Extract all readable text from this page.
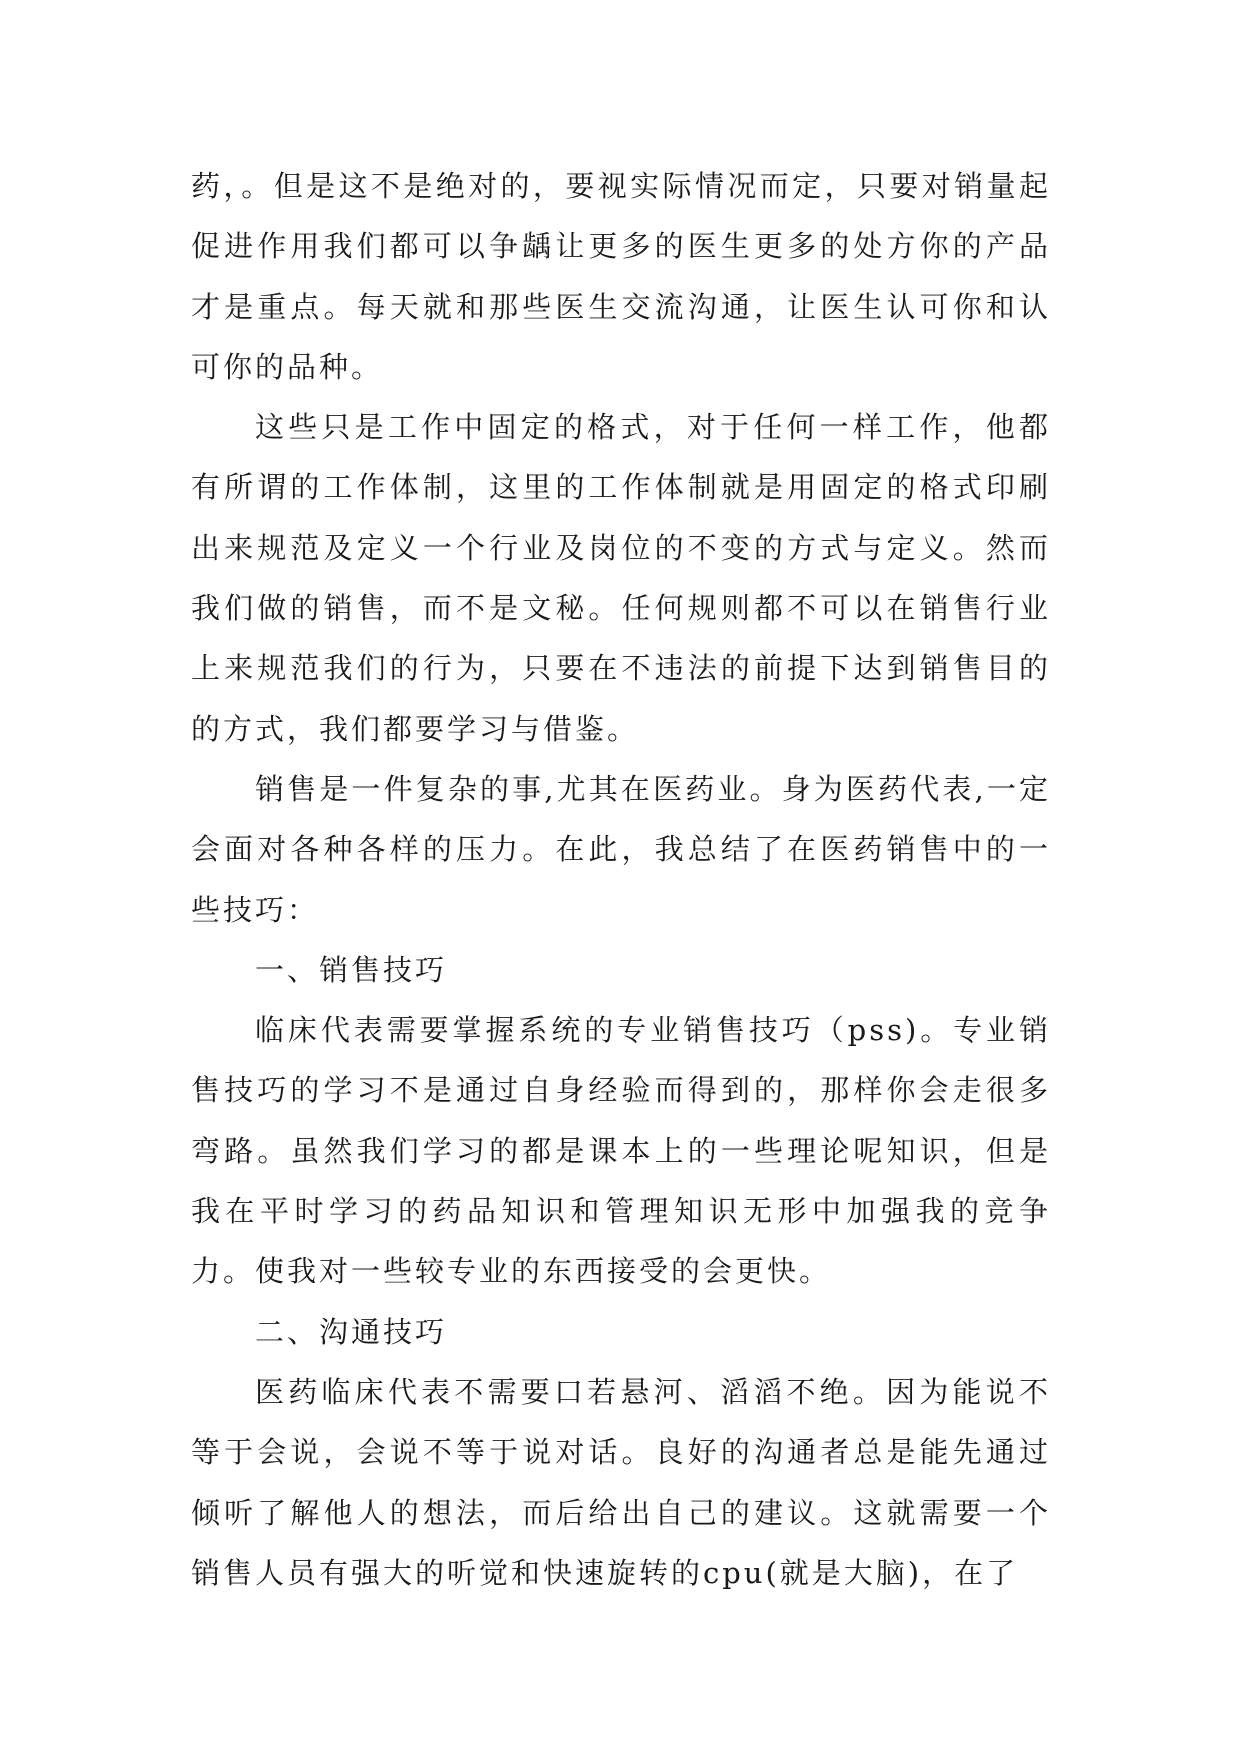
药，。但是这不是绝对的，要视实际情况而定，只要对销量起促进作用我们都可以争龋让更多的医生更多的处方你的产品才是重点。每天就和那些医生交流沟通，让医生认可你和认可你的品种。

这些只是工作中固定的格式，对于任何一样工作，他都有所谓的工作体制，这里的工作体制就是用固定的格式印刷出来规范及定义一个行业及岗位的不变的方式与定义。然而我们做的销售，而不是文秘。任何规则都不可以在销售行业上来规范我们的行为，只要在不违法的前提下达到销售目的的方式，我们都要学习与借鉴。

销售是一件复杂的事,尤其在医药业。身为医药代表,一定会面对各种各样的压力。在此，我总结了在医药销售中的一些技巧：

一、销售技巧

临床代表需要掌握系统的专业销售技巧（pss)。专业销售技巧的学习不是通过自身经验而得到的，那样你会走很多弯路。虽然我们学习的都是课本上的一些理论呢知识，但是我在平时学习的药品知识和管理知识无形中加强我的竞争力。使我对一些较专业的东西接受的会更快。

二、沟通技巧

医药临床代表不需要口若悬河、滔滔不绝。因为能说不等于会说，会说不等于说对话。良好的沟通者总是能先通过倾听了解他人的想法，而后给出自己的建议。这就需要一个销售人员有强大的听觉和快速旋转的cpu(就是大脑)，在了
